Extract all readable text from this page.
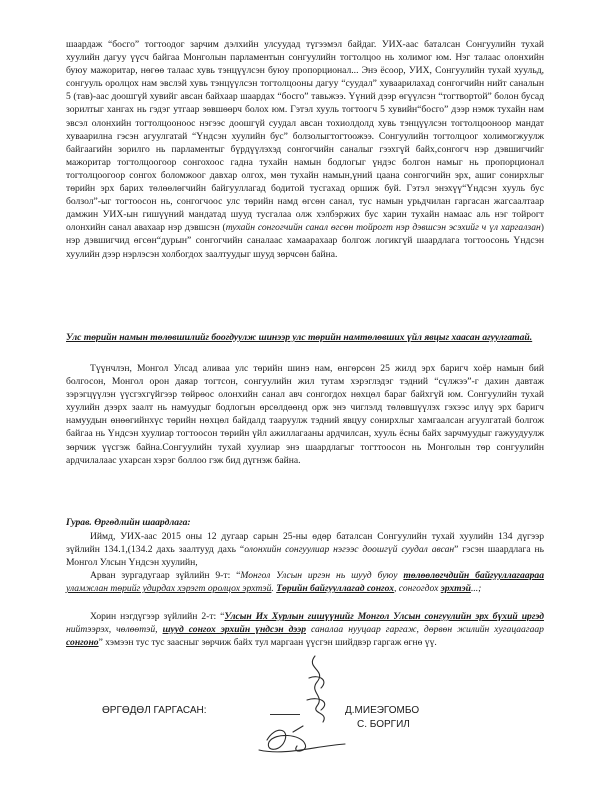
шаардаж “босго” тогтоодог зарчим дэлхийн улсуудад түгээмэл байдаг. УИХ-аас баталсан Сонгуулийн тухай хуулийн дагуу үүсч байгаа Монголын парламентын сонгуулийн тогтолцоо нь холимог юм. Нэг талаас олонхийн буюу мажоритар, нөгөө талаас хувь тэнцүүлсэн буюу пропорционал... Энэ ёсоор, УИХ, Сонгуулийн тухай хуульд, сонгууль оролцох нам эвслэй хувь тэнцүүлсэн тогтолцооны дагуу “суудал” хуваарилахад сонгогчийн нийт саналын 5 (тав)-аас доошгүй хувийг авсан байхаар шаардах “босго” тавьжээ. Үүний дээр өгүүлсэн “тогтвортой” болон бусад зорилтыг хангах нь гэдэг утгаар зөвшөөрч болох юм. Гэтэл хууль тогтоогч 5 хувийн“босго” дээр нэмж тухайн нам эвсэл олонхийн тогтолцоонооc нэгээс доошгүй суудал авсан тохиолдолд хувь тэнцүүлсэн тогтолцооноор мандат хуваарилна гэсэн агуулгатай “Үндсэн хуулийн бус” болзолыгтогтоожээ. Сонгуулийн тогтолцоог холимогжуулж байгаагийн зорилго нь парламентыг бүрдүүлэхэд сонгогчийн саналыг гээхгүй байх,сонгогч нэр дэвшигчийг мажоритар тогтолцоогоор сонгохоос гадна тухайн намын бодлогыг үндэс болгон намыг нь пропорционал тогтолцоогоор сонгох боломжоог давхар олгох, мөн тухайн намын,үний цаана сонгогчийн эрх, ашиг сонирхлыг төрийн эрх барих төлөөлөгчийн байгууллагад бодитой тусгахад оршиж буй. Гэтэл энэхүү“Үндсэн хууль бус болзол”-ыг тогтоосон нь, сонгогчоос улс төрийн намд өгсөн санал, тус намын урьдчилан гаргасан жагсаалтаар дамжин УИХ-ын гишүүний мандатад шууд тусгалаа олж хэлбэржих бус харин тухайн намаас аль нэг тойрогт олонхийн санал авахаар нэр дэвшсэн (тухайн сонгогчийн санал өгсөн тойрогт нэр дэвшсэн эсэхийг ч үл харгалзан) нэр дэвшигчид өгсөн“дурын” сонгогчийн саналаас хамаарахаар болгож логикгүй шаардлага тогтоосонь Үндсэн хуулийн дээр нэрлэсэн холбогдох заалтуудыг шууд зөрчсөн байна.
Улс төрийн намын төлөвшилийг боогдуулж шинээр улс төрийн намтөлөвших үйл явцыг хаасан агуулгатай.
Түүнчлэн, Монгол Улсад аливаа улс төрийн шинэ нам, өнгөрсөн 25 жилд эрх баригч хоёр намын бий болгосон, Монгол орон даяар тогтсон, сонгуулийн жил тутам хэрэглэдэг тэдний “сүлжээ”-г дахин давтаж зэрэгцүүлэн үүсгэхгүйгээр төйрөос олонхийн санал авч сонгогдох нөхцөл бараг байхгүй юм. Сонгуулийн тухай хуулийн дээрх заалт нь намуудыг бодлогын өрсөлдөөнд орж энэ чиглэлд төлөвшүүлэх гэхээс илүү эрх баригч намуудын өнөөгийнхүс төрийн нөхцөл байдалд тааруулж тэдний явцуу сонирхлыг хамгаалсан агуулгатай болгож байгаа нь Үндсэн хуулиар тогтоосон төрийн үйл ажиллагааны ардчилсан, хууль ёсны байх зарчмуудыг гажуудуулж зөрчиж үүсгэж байна.Сонгуулийн тухай хуулиар энэ шаардлагыг тогттоосон нь Монголын төр сонгуулийн ардчилалаас ухарсан хэрэг боллоо гэж бид дүгнэж байна.
Гурав. Өргөдлийн шаардлага:
Иймд, УИХ-аас 2015 оны 12 дугаар сарын 25-ны өдөр баталсан Сонгуулийн тухай хуулийн 134 дүгээр зүйлийн 134.1,(134.2 дахь заалтууд дахь “олонхийн сонгуулиар нэгээс доошгүй суудал авсан” гэсэн шаардлага нь Монгол Улсын Үндсэн хуулийн,
Арван зургадугаар зүйлийн 9-т: “Монгол Улсын иргэн нь шууд буюу төлөөлөгчдийн байгууллагаараа уламжлан төрийг удирдах хэрэгт оролцох эрхтэй. Төрийн байгууллагад сонгох, сонгогдох эрхтэй...;
Хорин нэгдүгээр зүйлийн 2-т: “Улсын Их Хурлын гишүүнийг Монгол Улсын сонгуулийн эрх бүхий иргэд нийтээрэх, чөлөөтэй, шууд сонгох эрхийн үндсэн дээр саналаа нууцаар гаргаж, дөрвөн жилийн хугацаагаар сонгоно” хэмээн тус тус заасныг зөрчиж байх тул маргаан үүсгэн шийдвэр гаргаж өгнө үү.
ӨРГӨДӨЛ ГАРГАСАН:	Д.МИЕЭГОМБО
С. БОРГИЛ
